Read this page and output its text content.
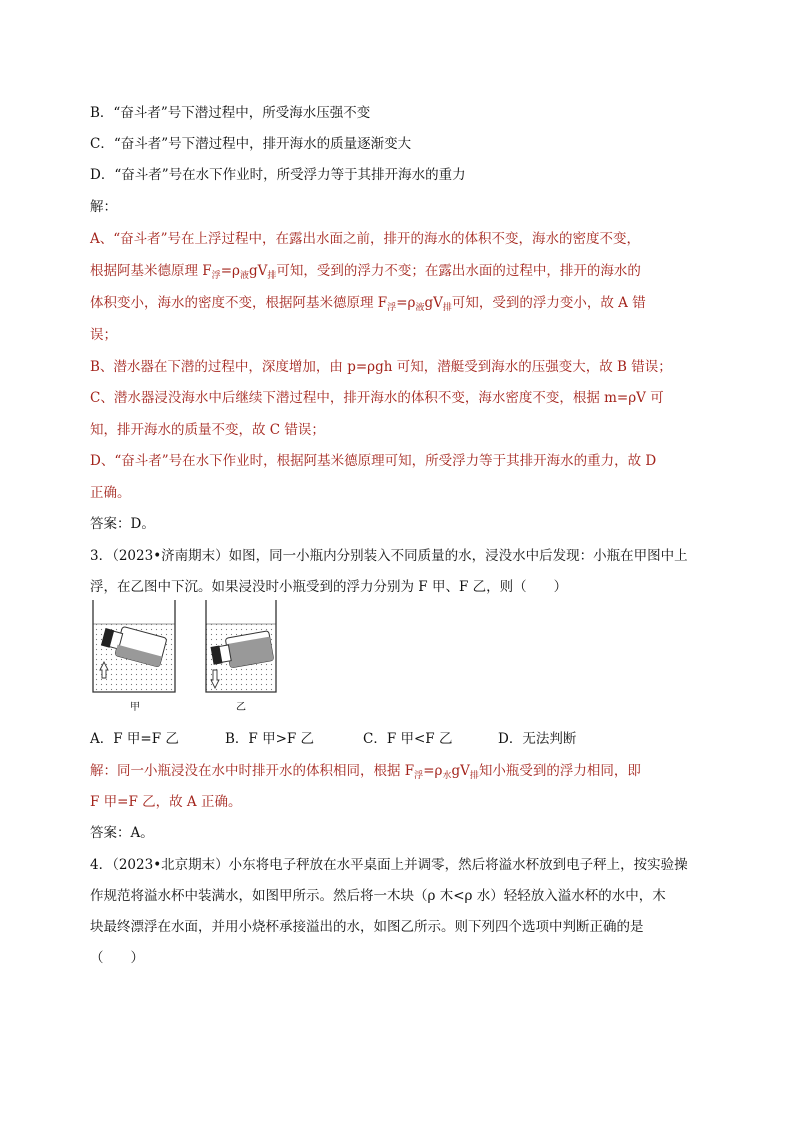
B．“奋斗者”号下潜过程中，所受海水压强不变
C．“奋斗者”号下潜过程中，排开海水的质量逐渐变大
D．“奋斗者”号在水下作业时，所受浮力等于其排开海水的重力
解：
A、“奋斗者”号在上浮过程中，在露出水面之前，排开的海水的体积不变，海水的密度不变，
根据阿基米德原理 $F_浮=\rho_液gV_排$可知，受到的浮力不变；在露出水面的过程中，排开的海水的
体积变小，海水的密度不变，根据阿基米德原理 $F_浮=\rho_液gV_排$可知，受到的浮力变小，故 A 错
误；
B、潜水器在下潜的过程中，深度增加，由 p=ρgh 可知，潜艇受到海水的压强变大，故 B 错误；
C、潜水器浸没海水中后继续下潜过程中，排开海水的体积不变，海水密度不变，根据 m=ρV 可
知，排开海水的质量不变，故 C 错误；
D、“奋斗者”号在水下作业时，根据阿基米德原理可知，所受浮力等于其排开海水的重力，故 D
正确。
答案：D。
3．（2023•济南期末）如图，同一小瓶内分别装入不同质量的水，浸没水中后发现：小瓶在甲图中上
浮，在乙图中下沉。如果浸没时小瓶受到的浮力分别为 F 甲、F 乙，则（　　）
甲	乙
A．F 甲=F 乙	B．F 甲>F 乙	C．F 甲<F 乙	D．无法判断
解：同一小瓶浸没在水中时排开水的体积相同，根据 $F_浮=\rho_水gV_排$知小瓶受到的浮力相同，即
F 甲=F 乙，故 A 正确。
答案：A。
4．（2023•北京期末）小东将电子秤放在水平桌面上并调零，然后将溢水杯放到电子秤上，按实验操
作规范将溢水杯中装满水，如图甲所示。然后将一木块（ρ 木<ρ 水）轻轻放入溢水杯的水中，木
块最终漂浮在水面，并用小烧杯承接溢出的水，如图乙所示。则下列四个选项中判断正确的是
（　　）
